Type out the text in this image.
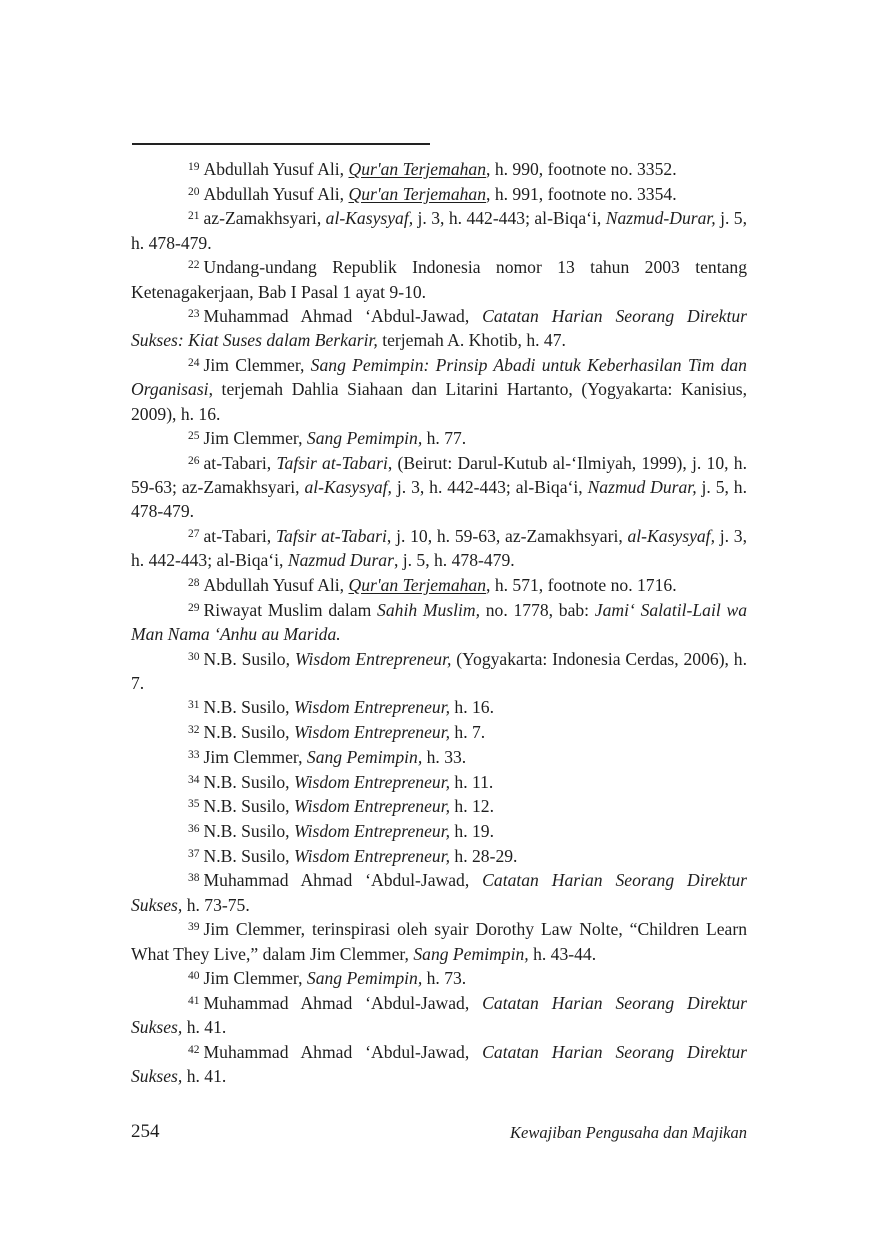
$^{19}$ Abdullah Yusuf Ali, Qur'an Terjemahan, h. 990, footnote no. 3352.

$^{20}$ Abdullah Yusuf Ali, Qur'an Terjemahan, h. 991, footnote no. 3354.

$^{21}$ az-Zamakhsyari, al-Kasysyaf, j. 3, h. 442-443; al-Biqa‘i, Nazmud-Durar, j. 5, h. 478-479.

$^{22}$ Undang-undang Republik Indonesia nomor 13 tahun 2003 tentang Ketenagakerjaan, Bab I Pasal 1 ayat 9-10.

$^{23}$ Muhammad Ahmad ‘Abdul-Jawad, Catatan Harian Seorang Direktur Sukses: Kiat Suses dalam Berkarir, terjemah A. Khotib, h. 47.

$^{24}$ Jim Clemmer, Sang Pemimpin: Prinsip Abadi untuk Keberhasilan Tim dan Organisasi, terjemah Dahlia Siahaan dan Litarini Hartanto, (Yogyakarta: Kanisius, 2009), h. 16.

$^{25}$ Jim Clemmer, Sang Pemimpin, h. 77.

$^{26}$ at-Tabari, Tafsir at-Tabari, (Beirut: Darul-Kutub al-‘Ilmiyah, 1999), j. 10, h. 59-63; az-Zamakhsyari, al-Kasysyaf, j. 3, h. 442-443; al-Biqa‘i, Nazmud Durar, j. 5, h. 478-479.

$^{27}$ at-Tabari, Tafsir at-Tabari, j. 10, h. 59-63, az-Zamakhsyari, al-Kasysyaf, j. 3, h. 442-443; al-Biqa‘i, Nazmud Durar, j. 5, h. 478-479.

$^{28}$ Abdullah Yusuf Ali, Qur'an Terjemahan, h. 571, footnote no. 1716.

$^{29}$ Riwayat Muslim dalam Sahih Muslim, no. 1778, bab: Jami‘ Salatil-Lail wa Man Nama ‘Anhu au Marida.

$^{30}$ N.B. Susilo, Wisdom Entrepreneur, (Yogyakarta: Indonesia Cerdas, 2006), h. 7.

$^{31}$ N.B. Susilo, Wisdom Entrepreneur, h. 16.

$^{32}$ N.B. Susilo, Wisdom Entrepreneur, h. 7.

$^{33}$ Jim Clemmer, Sang Pemimpin, h. 33.

$^{34}$ N.B. Susilo, Wisdom Entrepreneur, h. 11.

$^{35}$ N.B. Susilo, Wisdom Entrepreneur, h. 12.

$^{36}$ N.B. Susilo, Wisdom Entrepreneur, h. 19.

$^{37}$ N.B. Susilo, Wisdom Entrepreneur, h. 28-29.

$^{38}$ Muhammad Ahmad ‘Abdul-Jawad, Catatan Harian Seorang Direktur Sukses, h. 73-75.

$^{39}$ Jim Clemmer, terinspirasi oleh syair Dorothy Law Nolte, “Children Learn What They Live,” dalam Jim Clemmer, Sang Pemimpin, h. 43-44.

$^{40}$ Jim Clemmer, Sang Pemimpin, h. 73.

$^{41}$ Muhammad Ahmad ‘Abdul-Jawad, Catatan Harian Seorang Direktur Sukses, h. 41.

$^{42}$ Muhammad Ahmad ‘Abdul-Jawad, Catatan Harian Seorang Direktur Sukses, h. 41.

254	Kewajiban Pengusaha dan Majikan
